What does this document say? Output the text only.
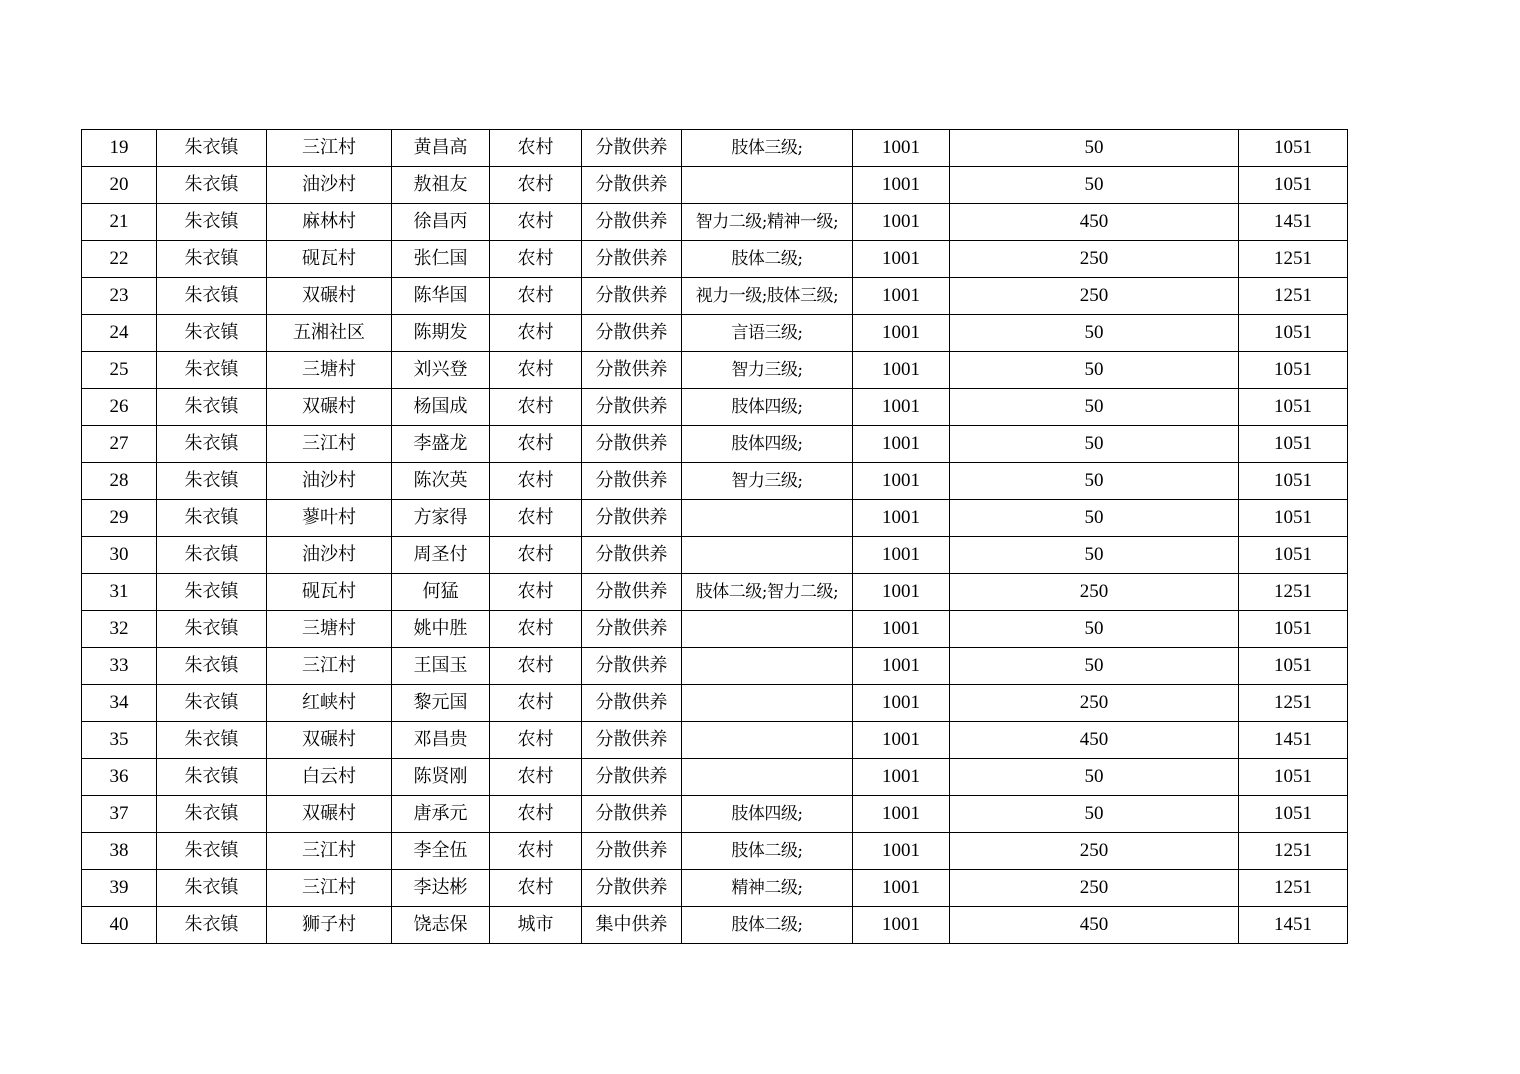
19	朱衣镇	三江村	黄昌高	农村	分散供养	肢体三级;	1001	50	1051
20	朱衣镇	油沙村	敖祖友	农村	分散供养		1001	50	1051
21	朱衣镇	麻林村	徐昌丙	农村	分散供养	智力二级;精神一级;	1001	450	1451
22	朱衣镇	砚瓦村	张仁国	农村	分散供养	肢体二级;	1001	250	1251
23	朱衣镇	双碾村	陈华国	农村	分散供养	视力一级;肢体三级;	1001	250	1251
24	朱衣镇	五湘社区	陈期发	农村	分散供养	言语三级;	1001	50	1051
25	朱衣镇	三塘村	刘兴登	农村	分散供养	智力三级;	1001	50	1051
26	朱衣镇	双碾村	杨国成	农村	分散供养	肢体四级;	1001	50	1051
27	朱衣镇	三江村	李盛龙	农村	分散供养	肢体四级;	1001	50	1051
28	朱衣镇	油沙村	陈次英	农村	分散供养	智力三级;	1001	50	1051
29	朱衣镇	蓼叶村	方家得	农村	分散供养		1001	50	1051
30	朱衣镇	油沙村	周圣付	农村	分散供养		1001	50	1051
31	朱衣镇	砚瓦村	何猛	农村	分散供养	肢体二级;智力二级;	1001	250	1251
32	朱衣镇	三塘村	姚中胜	农村	分散供养		1001	50	1051
33	朱衣镇	三江村	王国玉	农村	分散供养		1001	50	1051
34	朱衣镇	红峡村	黎元国	农村	分散供养		1001	250	1251
35	朱衣镇	双碾村	邓昌贵	农村	分散供养		1001	450	1451
36	朱衣镇	白云村	陈贤刚	农村	分散供养		1001	50	1051
37	朱衣镇	双碾村	唐承元	农村	分散供养	肢体四级;	1001	50	1051
38	朱衣镇	三江村	李全伍	农村	分散供养	肢体二级;	1001	250	1251
39	朱衣镇	三江村	李达彬	农村	分散供养	精神二级;	1001	250	1251
40	朱衣镇	狮子村	饶志保	城市	集中供养	肢体二级;	1001	450	1451
